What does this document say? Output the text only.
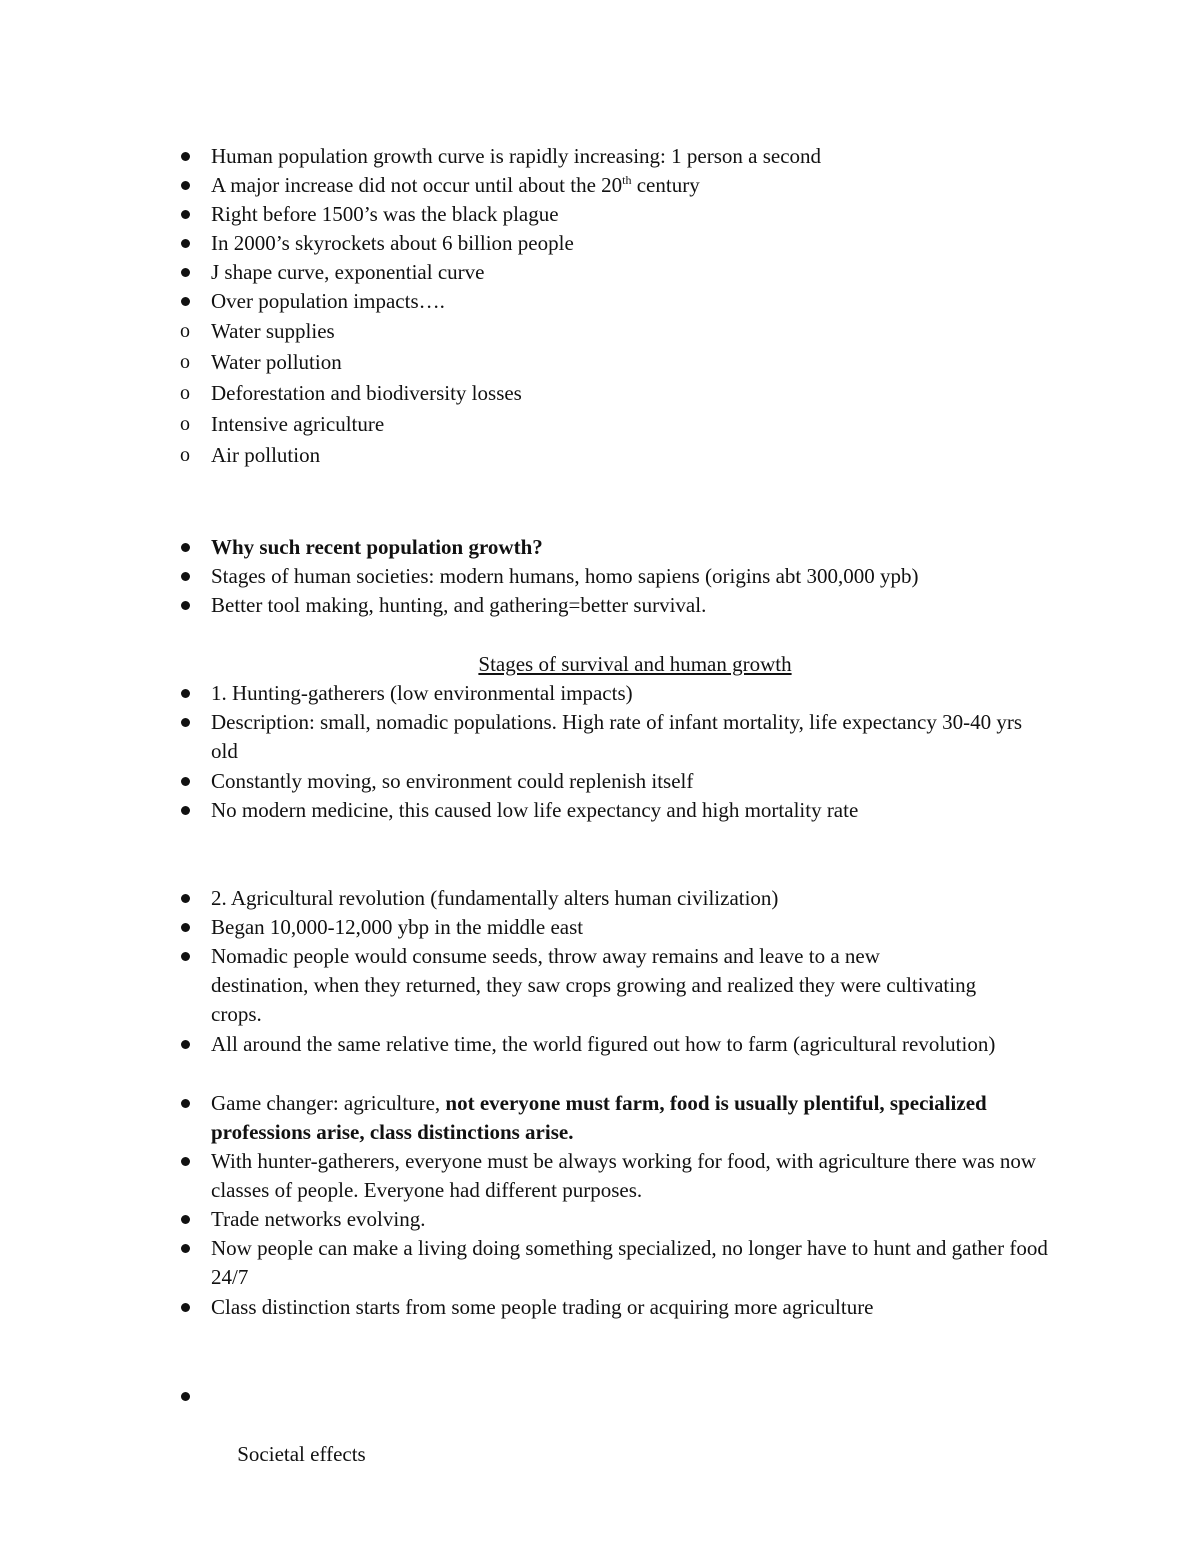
Human population growth curve is rapidly increasing: 1 person a second
A major increase did not occur until about the 20th century
Right before 1500’s was the black plague
In 2000’s skyrockets about 6 billion people
J shape curve, exponential curve
Over population impacts….
o Water supplies
o Water pollution
o Deforestation and biodiversity losses
o Intensive agriculture
o Air pollution
Why such recent population growth?
Stages of human societies: modern humans, homo sapiens (origins abt 300,000 ypb)
Better tool making, hunting, and gathering=better survival.
Stages of survival and human growth
1. Hunting-gatherers (low environmental impacts)
Description: small, nomadic populations. High rate of infant mortality, life expectancy 30-40 yrs old
Constantly moving, so environment could replenish itself
No modern medicine, this caused low life expectancy and high mortality rate
2. Agricultural revolution (fundamentally alters human civilization)
Began 10,000-12,000 ybp in the middle east
Nomadic people would consume seeds, throw away remains and leave to a new destination, when they returned, they saw crops growing and realized they were cultivating crops.
All around the same relative time, the world figured out how to farm (agricultural revolution)
Game changer: agriculture, not everyone must farm, food is usually plentiful, specialized professions arise, class distinctions arise.
With hunter-gatherers, everyone must be always working for food, with agriculture there was now classes of people. Everyone had different purposes.
Trade networks evolving.
Now people can make a living doing something specialized, no longer have to hunt and gather food 24/7
Class distinction starts from some people trading or acquiring more agriculture

Societal effects
